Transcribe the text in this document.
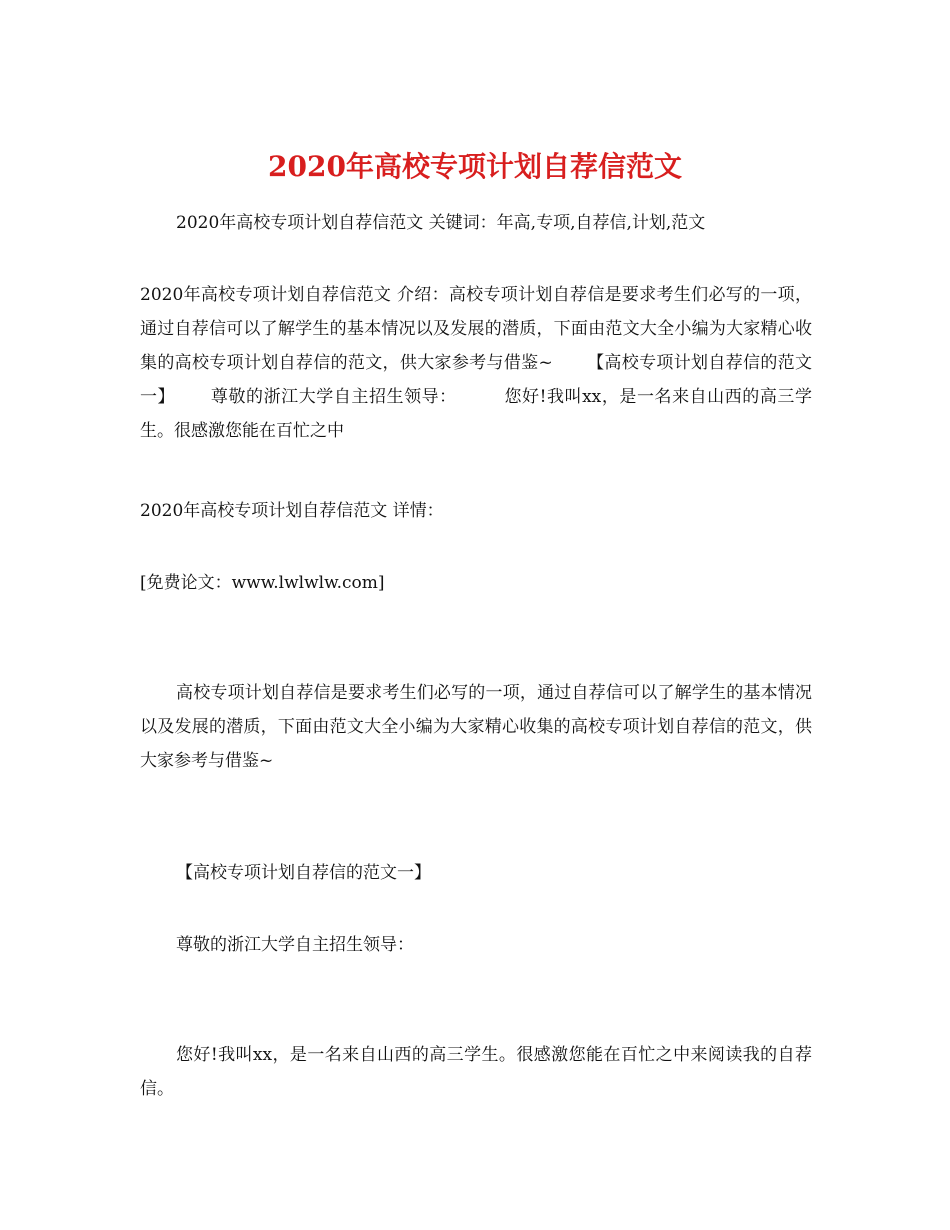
2020年高校专项计划自荐信范文

2020年高校专项计划自荐信范文 关键词：年高,专项,自荐信,计划,范文

2020年高校专项计划自荐信范文 介绍：高校专项计划自荐信是要求考生们必写的一项，通过自荐信可以了解学生的基本情况以及发展的潜质，下面由范文大全小编为大家精心收集的高校专项计划自荐信的范文，供大家参考与借鉴~      【高校专项计划自荐信的范文一】      尊敬的浙江大学自主招生领导：        您好!我叫xx，是一名来自山西的高三学生。很感激您能在百忙之中

2020年高校专项计划自荐信范文 详情：

[免费论文：www.lwlwlw.com]

高校专项计划自荐信是要求考生们必写的一项，通过自荐信可以了解学生的基本情况以及发展的潜质，下面由范文大全小编为大家精心收集的高校专项计划自荐信的范文，供大家参考与借鉴~

【高校专项计划自荐信的范文一】

尊敬的浙江大学自主招生领导：

您好!我叫xx，是一名来自山西的高三学生。很感激您能在百忙之中来阅读我的自荐信。
